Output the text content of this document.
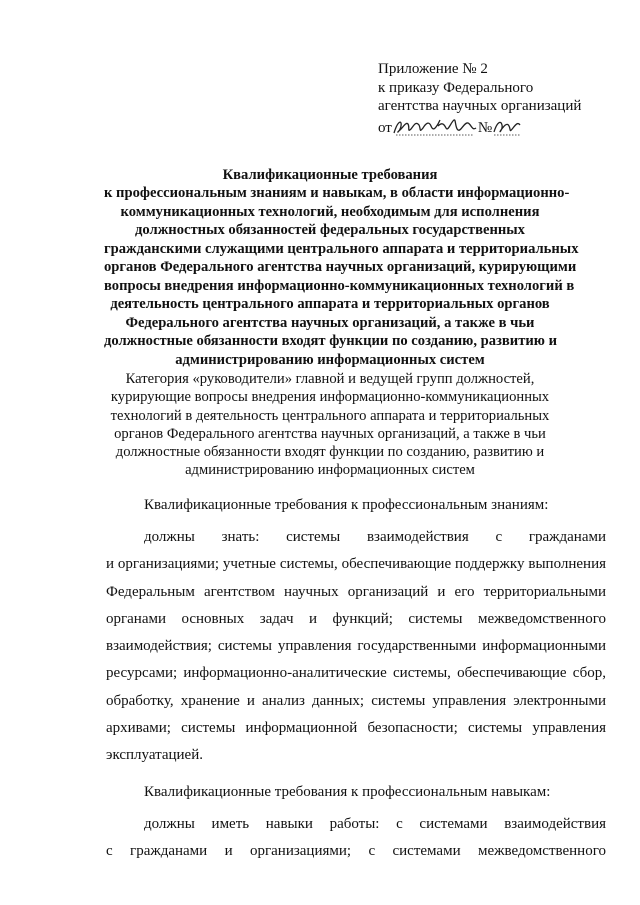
Приложение № 2
к приказу Федерального
агентства научных организаций
от	№
Квалификационные требования
к профессиональным знаниям и навыкам, в области информационно-
коммуникационных технологий, необходимым для исполнения
должностных обязанностей федеральных государственных
гражданскими служащими центрального аппарата и территориальных
органов Федерального агентства научных организаций, курирующими
вопросы внедрения информационно-коммуникационных технологий в
деятельность центрального аппарата и территориальных органов
Федерального агентства научных организаций, а также в чьи
должностные обязанности входят функции по созданию, развитию и
администрированию информационных систем
Категория «руководители» главной и ведущей групп должностей,
курирующие вопросы внедрения информационно-коммуникационных
технологий в деятельность центрального аппарата и территориальных
органов Федерального агентства научных организаций, а также в чьи
должностные обязанности входят функции по созданию, развитию и
администрированию информационных систем
Квалификационные требования к профессиональным знаниям:
должны знать: системы взаимодействия с гражданами
и организациями; учетные системы, обеспечивающие поддержку выполнения
Федеральным агентством научных организаций и его территориальными
органами основных задач и функций; системы межведомственного
взаимодействия; системы управления государственными информационными
ресурсами; информационно-аналитические системы, обеспечивающие сбор,
обработку, хранение и анализ данных; системы управления электронными
архивами; системы информационной безопасности; системы управления
эксплуатацией.
Квалификационные требования к профессиональным навыкам:
должны иметь навыки работы: с системами взаимодействия
с гражданами и организациями; с системами межведомственного
